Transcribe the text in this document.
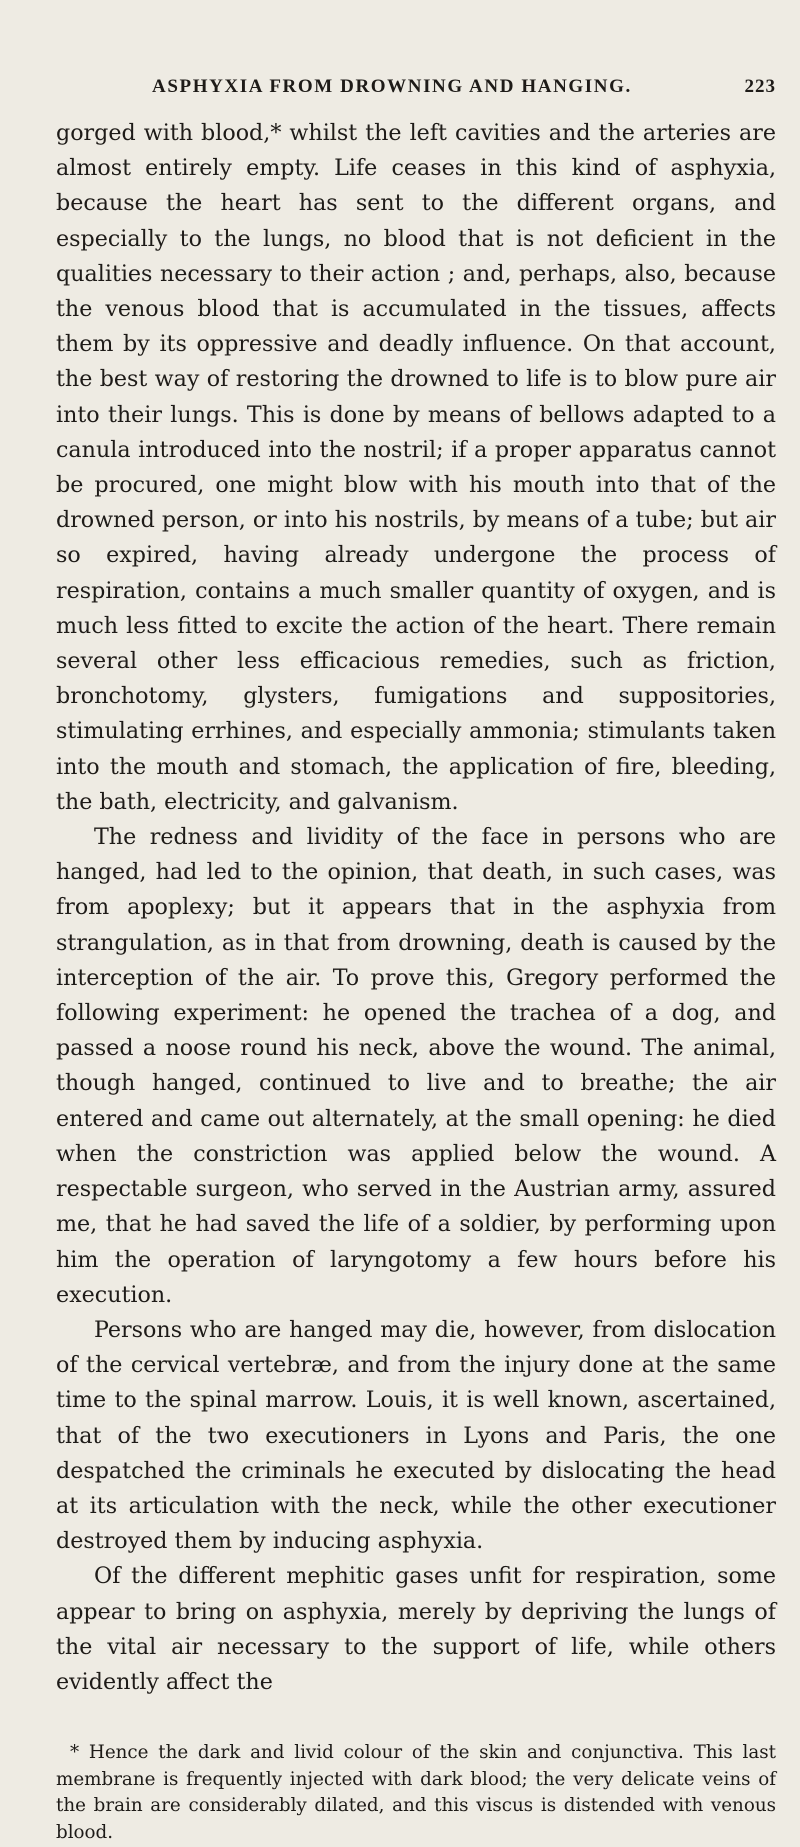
ASPHYXIA FROM DROWNING AND HANGING.	223

gorged with blood,* whilst the left cavities and the arteries are almost entirely empty. Life ceases in this kind of asphyxia, because the heart has sent to the different organs, and especially to the lungs, no blood that is not deficient in the qualities necessary to their action ; and, perhaps, also, because the venous blood that is accumulated in the tissues, affects them by its oppressive and deadly influence. On that account, the best way of restoring the drowned to life is to blow pure air into their lungs. This is done by means of bellows adapted to a canula introduced into the nostril; if a proper apparatus cannot be procured, one might blow with his mouth into that of the drowned person, or into his nostrils, by means of a tube; but air so expired, having already undergone the process of respiration, contains a much smaller quantity of oxygen, and is much less fitted to excite the action of the heart. There remain several other less efficacious remedies, such as friction, bronchotomy, glysters, fumigations and suppositories, stimulating errhines, and especially ammonia; stimulants taken into the mouth and stomach, the application of fire, bleeding, the bath, electricity, and galvanism.

The redness and lividity of the face in persons who are hanged, had led to the opinion, that death, in such cases, was from apoplexy; but it appears that in the asphyxia from strangulation, as in that from drowning, death is caused by the interception of the air. To prove this, Gregory performed the following experiment: he opened the trachea of a dog, and passed a noose round his neck, above the wound. The animal, though hanged, continued to live and to breathe; the air entered and came out alternately, at the small opening: he died when the constriction was applied below the wound. A respectable surgeon, who served in the Austrian army, assured me, that he had saved the life of a soldier, by performing upon him the operation of laryngotomy a few hours before his execution.

Persons who are hanged may die, however, from dislocation of the cervical vertebræ, and from the injury done at the same time to the spinal marrow. Louis, it is well known, ascertained, that of the two executioners in Lyons and Paris, the one despatched the criminals he executed by dislocating the head at its articulation with the neck, while the other executioner destroyed them by inducing asphyxia.

Of the different mephitic gases unfit for respiration, some appear to bring on asphyxia, merely by depriving the lungs of the vital air necessary to the support of life, while others evidently affect the

* Hence the dark and livid colour of the skin and conjunctiva. This last membrane is frequently injected with dark blood; the very delicate veins of the brain are considerably dilated, and this viscus is distended with venous blood.
